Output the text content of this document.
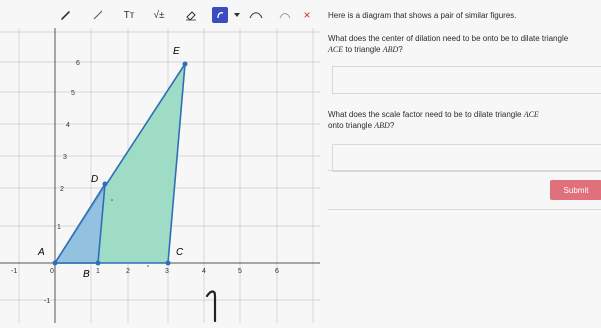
Tт	√±	×
A
B
C
D
E
-1	0	1	2	3	4	5	6
-1
1
2
3
4
5
6
Here is a diagram that shows a pair of similar figures.
What does the center of dilation need to be onto be to dilate triangle
ACE to triangle ABD?
What does the scale factor need to be to dilate triangle ACE
onto triangle ABD?
Submit
